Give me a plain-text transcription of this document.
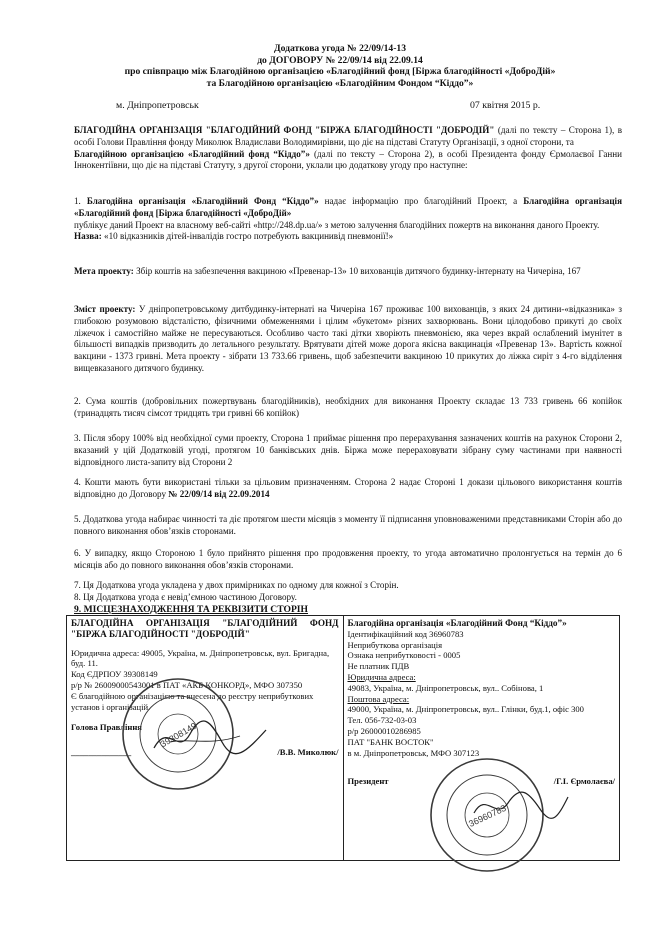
Додаткова угода № 22/09/14-13
до ДОГОВОРУ № 22/09/14 від 22.09.14
про співпрацю між Благодійною організацією «Благодійний фонд [Біржа благодійності «ДоброДій»
та Благодійною організацією «Благодійним Фондом “Кіддо”»
м. Дніпропетровськ	07 квітня 2015 р.
БЛАГОДІЙНА ОРГАНІЗАЦІЯ "БЛАГОДІЙНИЙ ФОНД "БІРЖА БЛАГОДІЙНОСТІ "ДОБРОДІЙ" (далі по тексту – Сторона 1), в особі Голови Правління фонду Миколюк Владислави Володимирівни, що діє на підставі Статуту Організації, з одної сторони, та
Благодійною організацією «Благодійний фонд “Кіддо”» (далі по тексту – Сторона 2), в особі Президента фонду Єрмолаєвої Ганни Іннокентіївни, що діє на підставі Статуту, з другої сторони, уклали цю додаткову угоду про наступне:
1. Благодійна організація «Благодійний Фонд “Кіддо”» надає інформацію про благодійний Проект, а Благодійна організація «Благодійний фонд [Біржа благодійності «ДоброДій»
публікує даний Проект на власному веб-сайті «http://248.dp.ua/» з метою залучення благодійних пожертв на виконання даного Проекту.
Назва: «10 відказників дітей-інвалідів гостро потребують вакцинивід пневмонії!»
Мета проекту: Збір коштів на забезпечення вакциною «Превенар-13» 10 вихованців дитячого будинку-інтернату на Чичеріна, 167
Зміст проекту: У дніпропетровському дитбудинку-інтернаті на Чичеріна 167 проживає 100 вихованців, з яких 24 дитини-«відказника» з глибокою розумовою відсталістю, фізичними обмеженнями і цілим «букетом» різних захворювань. Вони цілодобово прикуті до своїх ліжечок і самостійно майже не пересуваються. Особливо часто такі дітки хворіють пневмонією, яка через вкрай ослаблений імунітет в більшості випадків призводить до летального результату. Врятувати дітей може дорога якісна вакцинація «Превенар 13». Вартість кожної вакцини - 1373 гривні. Мета проекту - зібрати 13 733.66 гривень, щоб забезпечити вакциною 10 прикутих до ліжка сиріт з 4-го відділення вищевказаного дитячого будинку.
2. Сума коштів (добровільних пожертвувань благодійників), необхідних для виконання Проекту складає 13 733 гривень 66 копійок (тринадцять тисяч сімсот тридцять три гривні 66 копійок)
3. Після збору 100% від необхідної суми проекту, Сторона 1 приймає рішення про перерахування зазначених коштів на рахунок Сторони 2, вказаний у цій Додатковій угоді, протягом 10 банківських днів. Біржа може перераховувати зібрану суму частинами при наявності відповідного листа-запиту від Сторони 2
4. Кошти мають бути використані тільки за цільовим призначенням. Сторона 2 надає Стороні 1 докази цільового використання коштів відповідно до Договору № 22/09/14 від 22.09.2014
5. Додаткова угода набирає чинності та діє протягом шести місяців з моменту її підписання уповноваженими представниками Сторін або до повного виконання обов’язків сторонами.
6. У випадку, якщо Стороною 1 було прийнято рішення про продовження проекту, то угода автоматично пролонгується на термін до 6 місяців або до повного виконання обов’язків сторонами.
7. Ця Додаткова угода укладена у двох примірниках по одному для кожної з Сторін.
8. Ця Додаткова угода є невід’ємною частиною Договору.
9. МІСЦЕЗНАХОДЖЕННЯ ТА РЕКВІЗИТИ СТОРІН
БЛАГОДІЙНА ОРГАНІЗАЦІЯ "БЛАГОДІЙНИЙ ФОНД "БІРЖА БЛАГОДІЙНОСТІ "ДОБРОДІЙ"
Юридична адреса: 49005, Україна, м. Дніпропетровськ, вул. Бригадна, буд. 11.
Код ЄДРПОУ 39308149
р/р № 26009000543001 в ПАТ «АКБ КОНКОРД», МФО 307350
Є благодійною організацією та внесена до реєстру неприбуткових установ і організацій.
Голова Правління
______________	/В.В. Миколюк/

Благодійна організація «Благодійний Фонд “Кіддо”»
Ідентифікаційний код 36960783
Неприбуткова організація
Ознака неприбутковості - 0005
Не платник ПДВ
Юридична адреса:
49083, Україна, м. Дніпропетровськ, вул.. Собінова, 1
Поштова адреса:
49000, Україна, м. Дніпропетровськ, вул.. Глінки, буд.1, офіс 300
Тел. 056-732-03-03
р/р 26000010286985
ПАТ "БАНК ВОСТОК"
в м. Дніпропетровськ, МФО 307123
Президент	/Г.І. Єрмолаєва/
39308149
36960783
